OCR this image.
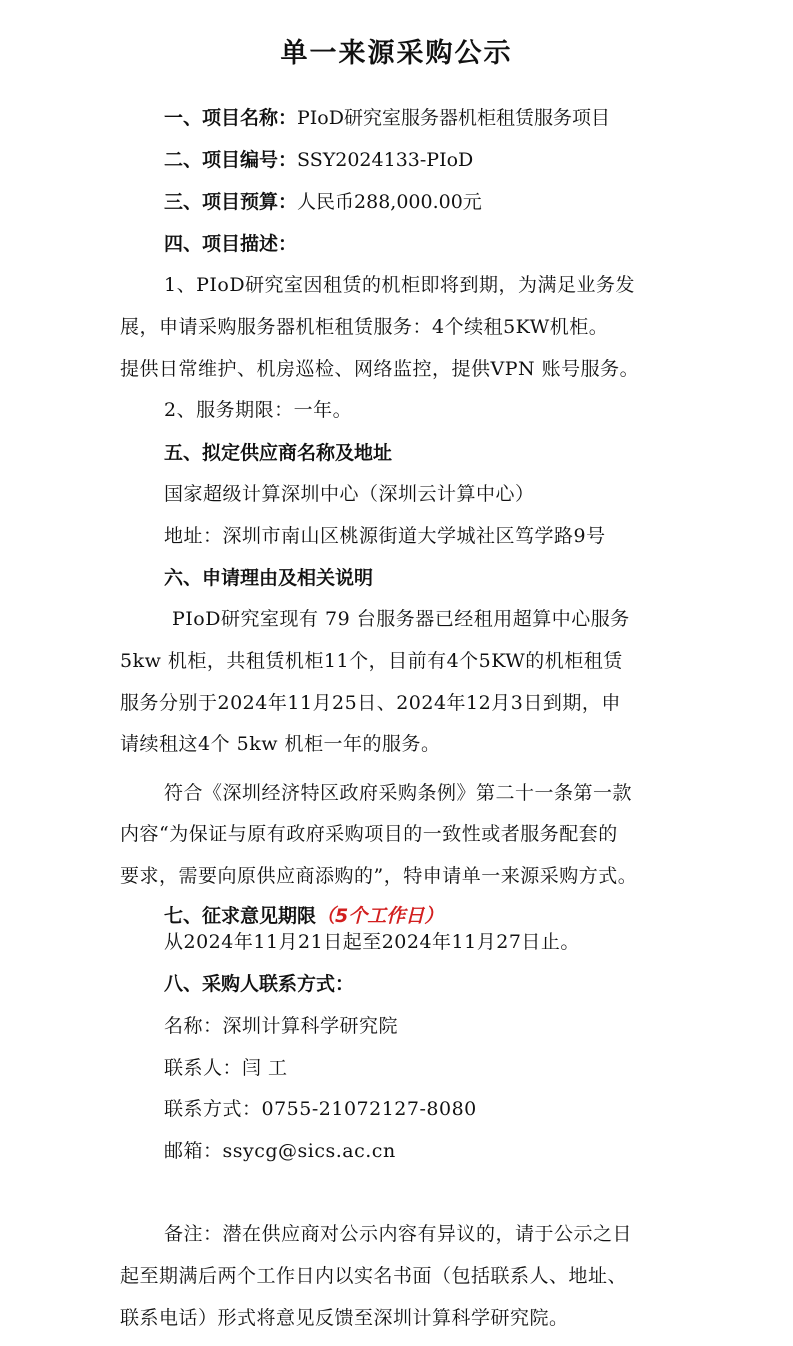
单一来源采购公示

一、项目名称：PIoD研究室服务器机柜租赁服务项目

二、项目编号：SSY2024133-PIoD

三、项目预算：人民币288,000.00元

四、项目描述：

1、PIoD研究室因租赁的机柜即将到期，为满足业务发

展，申请采购服务器机柜租赁服务：4个续租5KW机柜。

提供日常维护、机房巡检、网络监控，提供VPN 账号服务。

2、服务期限：一年。

五、拟定供应商名称及地址

国家超级计算深圳中心（深圳云计算中心）

地址：深圳市南山区桃源街道大学城社区笃学路9号

六、申请理由及相关说明

PIoD研究室现有 79 台服务器已经租用超算中心服务

5kw 机柜，共租赁机柜11个，目前有4个5KW的机柜租赁

服务分别于2024年11月25日、2024年12月3日到期，申

请续租这4个 5kw 机柜一年的服务。

符合《深圳经济特区政府采购条例》第二十一条第一款

内容“为保证与原有政府采购项目的一致性或者服务配套的

要求，需要向原供应商添购的”，特申请单一来源采购方式。

七、征求意见期限（5个工作日）

从2024年11月21日起至2024年11月27日止。

八、采购人联系方式：

名称：深圳计算科学研究院

联系人：闫 工

联系方式：0755-21072127-8080

邮箱：ssycg@sics.ac.cn

备注：潜在供应商对公示内容有异议的，请于公示之日

起至期满后两个工作日内以实名书面（包括联系人、地址、

联系电话）形式将意见反馈至深圳计算科学研究院。
